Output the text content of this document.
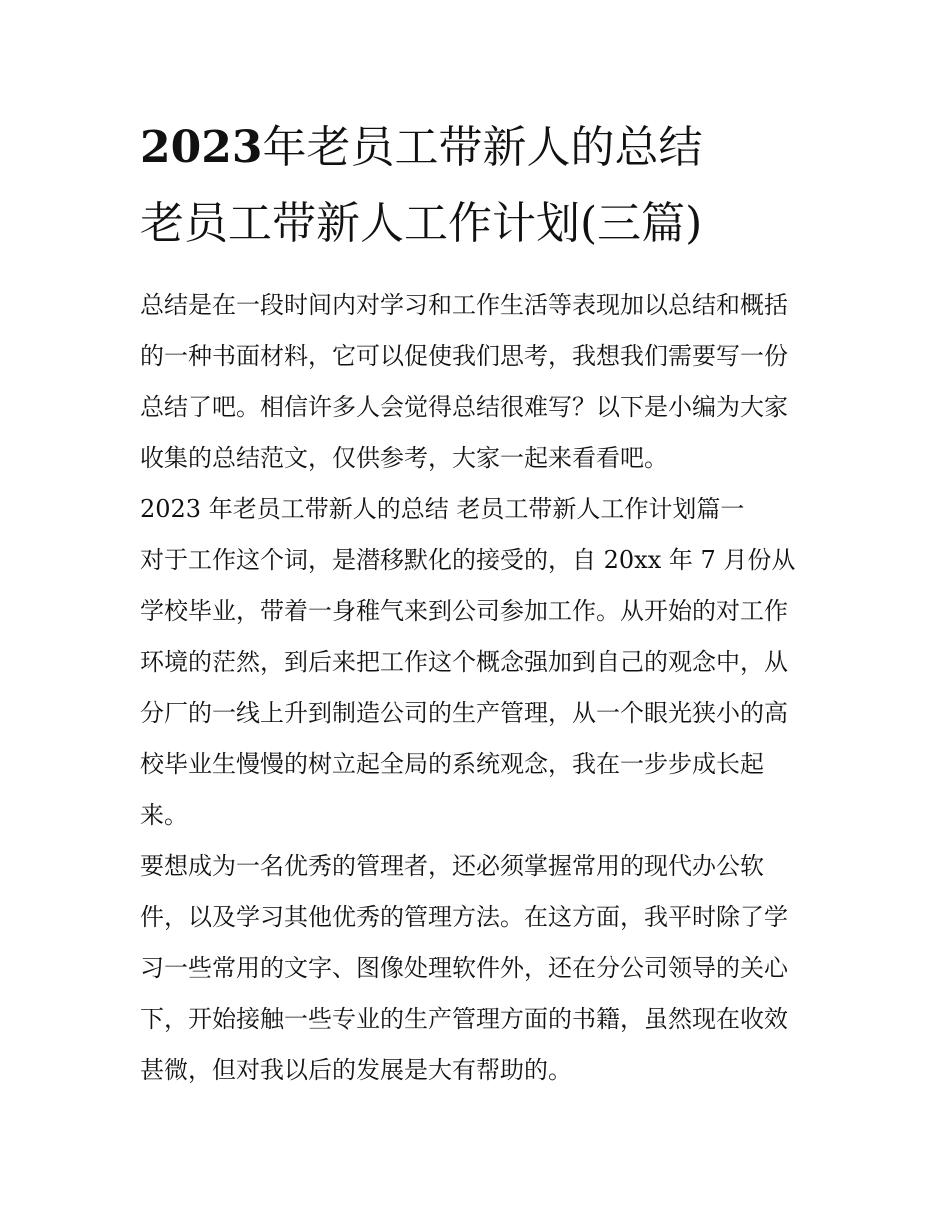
2023年老员工带新人的总结
老员工带新人工作计划(三篇)
总结是在一段时间内对学习和工作生活等表现加以总结和概括
的一种书面材料，它可以促使我们思考，我想我们需要写一份
总结了吧。相信许多人会觉得总结很难写？以下是小编为大家
收集的总结范文，仅供参考，大家一起来看看吧。
2023 年老员工带新人的总结 老员工带新人工作计划篇一
对于工作这个词，是潜移默化的接受的，自 20xx 年 7 月份从
学校毕业，带着一身稚气来到公司参加工作。从开始的对工作
环境的茫然，到后来把工作这个概念强加到自己的观念中，从
分厂的一线上升到制造公司的生产管理，从一个眼光狭小的高
校毕业生慢慢的树立起全局的系统观念，我在一步步成长起
来。
要想成为一名优秀的管理者，还必须掌握常用的现代办公软
件，以及学习其他优秀的管理方法。在这方面，我平时除了学
习一些常用的文字、图像处理软件外，还在分公司领导的关心
下，开始接触一些专业的生产管理方面的书籍，虽然现在收效
甚微，但对我以后的发展是大有帮助的。
